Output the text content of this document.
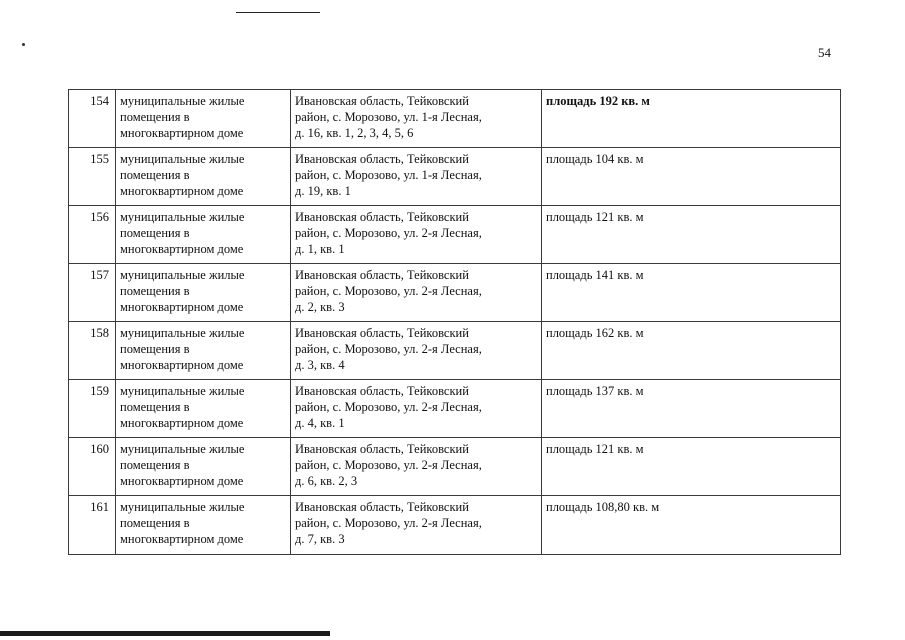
54
154	муниципальные жилые
помещения в
многоквартирном доме	Ивановская область, Тейковский
район, с. Морозово, ул. 1-я Лесная,
д. 16, кв. 1, 2, 3, 4, 5, 6	площадь 192 кв. м
155	муниципальные жилые
помещения в
многоквартирном доме	Ивановская область, Тейковский
район, с. Морозово, ул. 1-я Лесная,
д. 19, кв. 1	площадь 104 кв. м
156	муниципальные жилые
помещения в
многоквартирном доме	Ивановская область, Тейковский
район, с. Морозово, ул. 2-я Лесная,
д. 1, кв. 1	площадь 121 кв. м
157	муниципальные жилые
помещения в
многоквартирном доме	Ивановская область, Тейковский
район, с. Морозово, ул. 2-я Лесная,
д. 2, кв. 3	площадь 141 кв. м
158	муниципальные жилые
помещения в
многоквартирном доме	Ивановская область, Тейковский
район, с. Морозово, ул. 2-я Лесная,
д. 3, кв. 4	площадь 162 кв. м
159	муниципальные жилые
помещения в
многоквартирном доме	Ивановская область, Тейковский
район, с. Морозово, ул. 2-я Лесная,
д. 4, кв. 1	площадь 137 кв. м
160	муниципальные жилые
помещения в
многоквартирном доме	Ивановская область, Тейковский
район, с. Морозово, ул. 2-я Лесная,
д. 6, кв. 2, 3	площадь 121 кв. м
161	муниципальные жилые
помещения в
многоквартирном доме	Ивановская область, Тейковский
район, с. Морозово, ул. 2-я Лесная,
д. 7, кв. 3	площадь 108,80 кв. м
